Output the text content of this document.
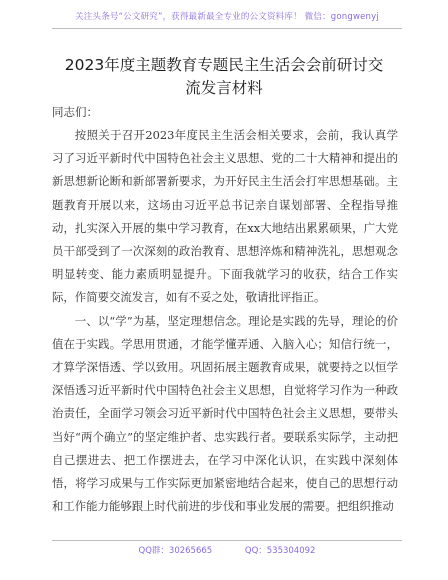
关注头条号“公文研究”，获得最新最全专业的公文资料库！ 微信：gongwenyj
2023年度主题教育专题民主生活会会前研讨交
流发言材料
同志们：

按照关于召开2023年度民主生活会相关要求，会前，我认真学习了习近平新时代中国特色社会主义思想、党的二十大精神和提出的新思想新论断和新部署新要求，为开好民主生活会打牢思想基础。主题教育开展以来，这场由习近平总书记亲自谋划部署、全程指导推动，扎实深入开展的集中学习教育，在xx大地结出累累硕果，广大党员干部受到了一次深刻的政治教育、思想淬炼和精神洗礼，思想观念明显转变、能力素质明显提升。下面我就学习的收获，结合工作实际，作简要交流发言，如有不妥之处，敬请批评指正。

一、以“学”为基，坚定理想信念。理论是实践的先导，理论的价值在于实践。学思用贯通，才能学懂弄通、入脑入心；知信行统一，才算学深悟透、学以致用。巩固拓展主题教育成果，就要持之以恒学深悟透习近平新时代中国特色社会主义思想，自觉将学习作为一种政治责任，全面学习领会习近平新时代中国特色社会主义思想，要带头当好“两个确立”的坚定维护者、忠实践行者。要联系实际学，主动把自己摆进去、把工作摆进去，在学习中深化认识，在实践中深刻体悟，将学习成果与工作实际更加紧密地结合起来，使自己的思想行动和工作能力能够跟上时代前进的步伐和事业发展的需要。把组织推动

QQ群：30265665	QQ：535304092
